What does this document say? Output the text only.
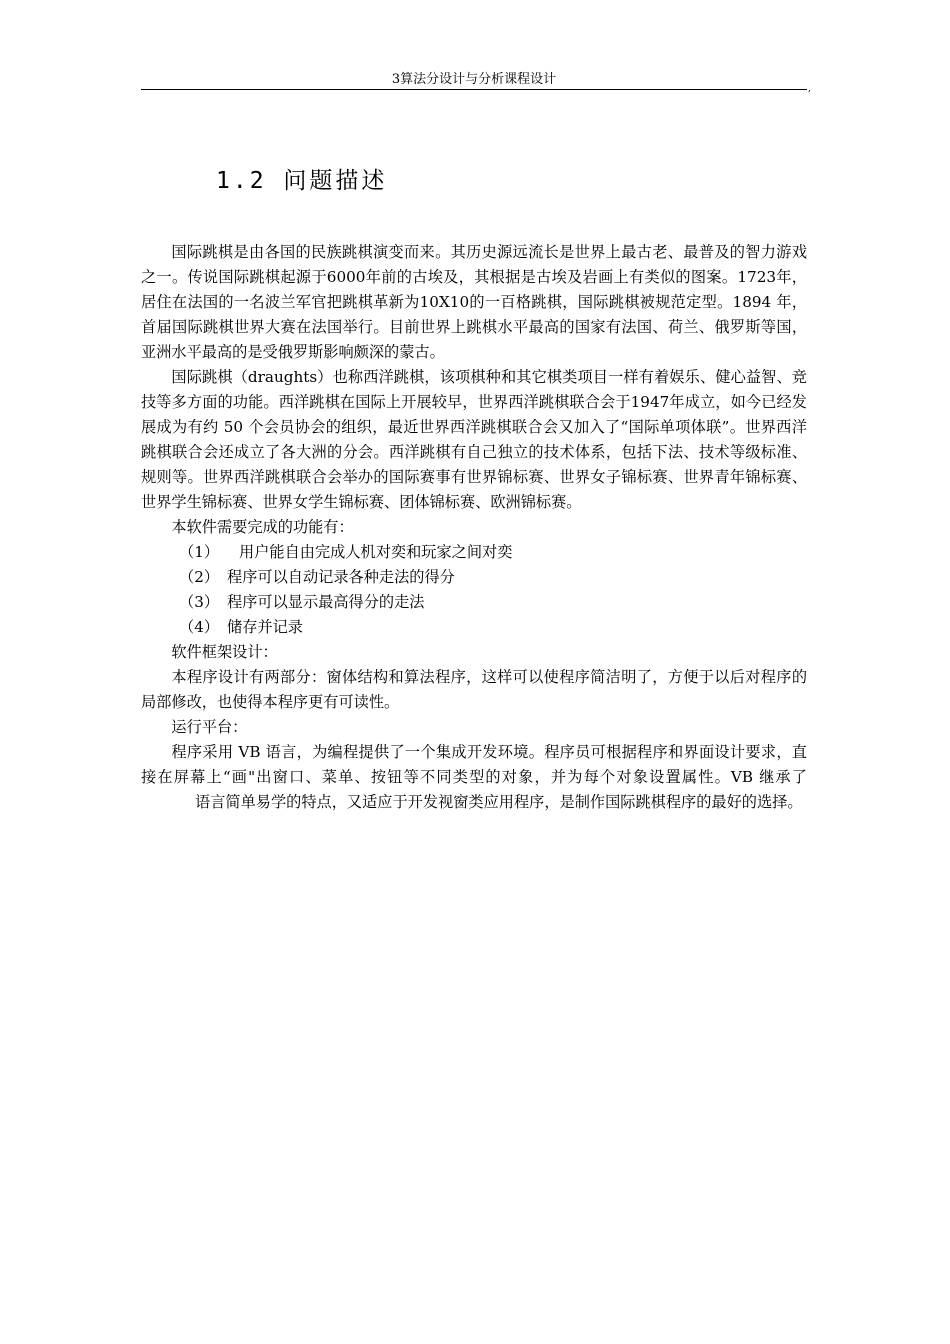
3算法分设计与分析课程设计
,
1.2 问题描述

国际跳棋是由各国的民族跳棋演变而来。其历史源远流长是世界上最古老、最普及的智力游戏之一。传说国际跳棋起源于6000年前的古埃及，其根据是古埃及岩画上有类似的图案。1723年，居住在法国的一名波兰军官把跳棋革新为10X10的一百格跳棋，国际跳棋被规范定型。1894 年，首届国际跳棋世界大赛在法国举行。目前世界上跳棋水平最高的国家有法国、荷兰、俄罗斯等国，亚洲水平最高的是受俄罗斯影响颇深的蒙古。

国际跳棋（draughts）也称西洋跳棋，该项棋种和其它棋类项目一样有着娱乐、健心益智、竞技等多方面的功能。西洋跳棋在国际上开展较早，世界西洋跳棋联合会于1947年成立，如今已经发展成为有约 50 个会员协会的组织，最近世界西洋跳棋联合会又加入了“国际单项体联”。世界西洋跳棋联合会还成立了各大洲的分会。西洋跳棋有自己独立的技术体系，包括下法、技术等级标准、规则等。世界西洋跳棋联合会举办的国际赛事有世界锦标赛、世界女子锦标赛、世界青年锦标赛、世界学生锦标赛、世界女学生锦标赛、团体锦标赛、欧洲锦标赛。

本软件需要完成的功能有：

（1） 用户能自由完成人机对奕和玩家之间对奕

（2） 程序可以自动记录各种走法的得分

（3） 程序可以显示最高得分的走法

（4） 储存并记录

软件框架设计：

本程序设计有两部分：窗体结构和算法程序，这样可以使程序简洁明了，方便于以后对程序的局部修改，也使得本程序更有可读性。

运行平台：

程序采用 VB 语言，为编程提供了一个集成开发环境。程序员可根据程序和界面设计要求，直接在屏幕上“画"出窗口、菜单、按钮等不同类型的对象，并为每个对象设置属性。VB 继承了语言简单易学的特点，又适应于开发视窗类应用程序，是制作国际跳棋程序的最好的选择。
